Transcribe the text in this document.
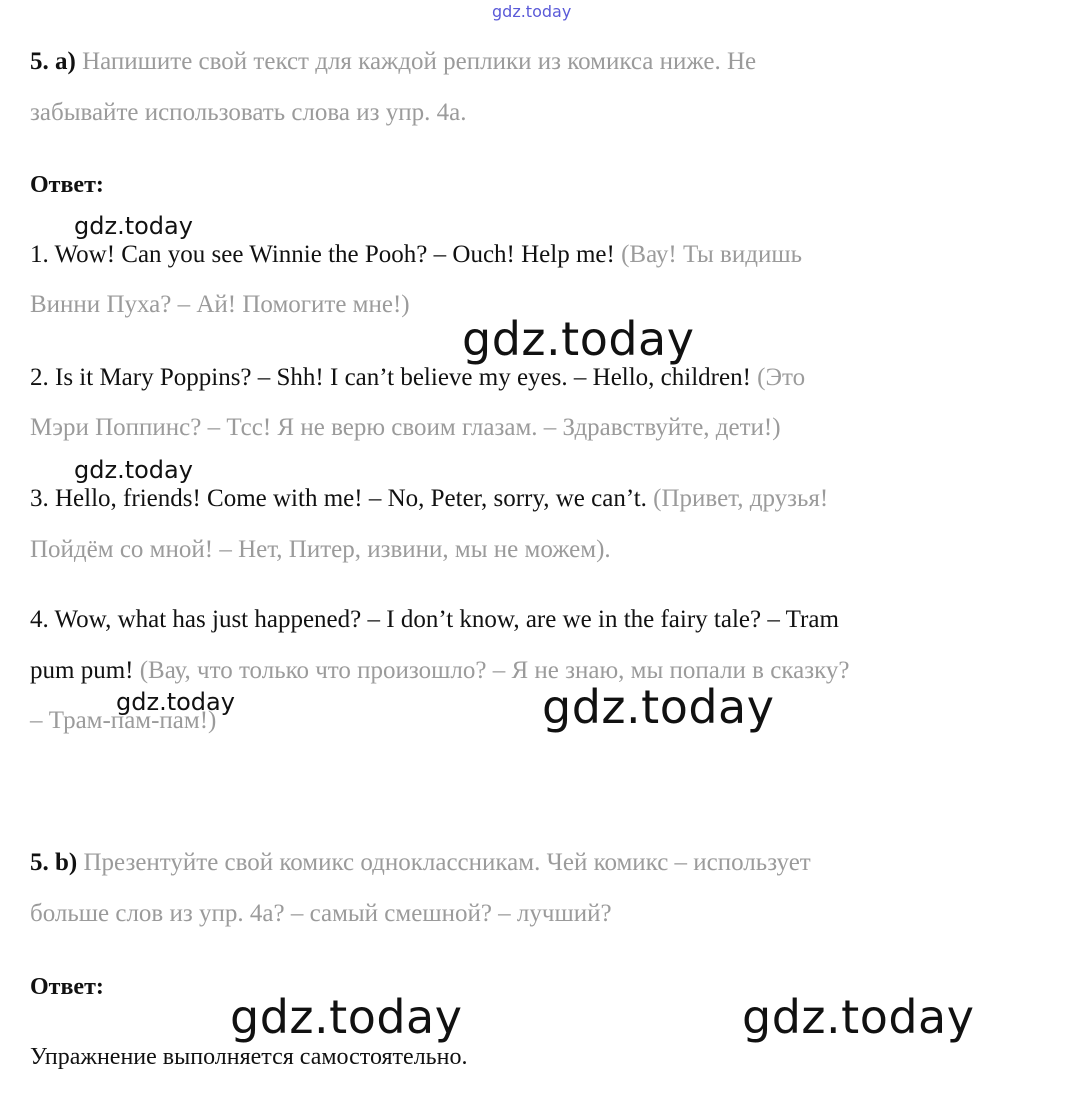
gdz.today
gdz.today
gdz.today
gdz.today
gdz.today	gdz.today
gdz.today	gdz.today
5. a) Напишите свой текст для каждой реплики из комикса ниже. Не
забывайте использовать слова из упр. 4а.
Ответ:
1. Wow! Can you see Winnie the Pooh? – Ouch! Help me! (Вау! Ты видишь
Винни Пуха? – Ай! Помогите мне!)
2. Is it Mary Poppins? – Shh! I can’t believe my eyes. – Hello, children! (Это
Мэри Поппинс? – Тсс! Я не верю своим глазам. – Здравствуйте, дети!)
3. Hello, friends! Come with me! – No, Peter, sorry, we can’t. (Привет, друзья!
Пойдём со мной! – Нет, Питер, извини, мы не можем).
4. Wow, what has just happened? – I don’t know, are we in the fairy tale? – Tram
pum pum! (Вау, что только что произошло? – Я не знаю, мы попали в сказку?
– Трам-пам-пам!)
5. b) Презентуйте свой комикс одноклассникам. Чей комикс – использует
больше слов из упр. 4a? – самый смешной? – лучший?
Ответ:
Упражнение выполняется самостоятельно.
